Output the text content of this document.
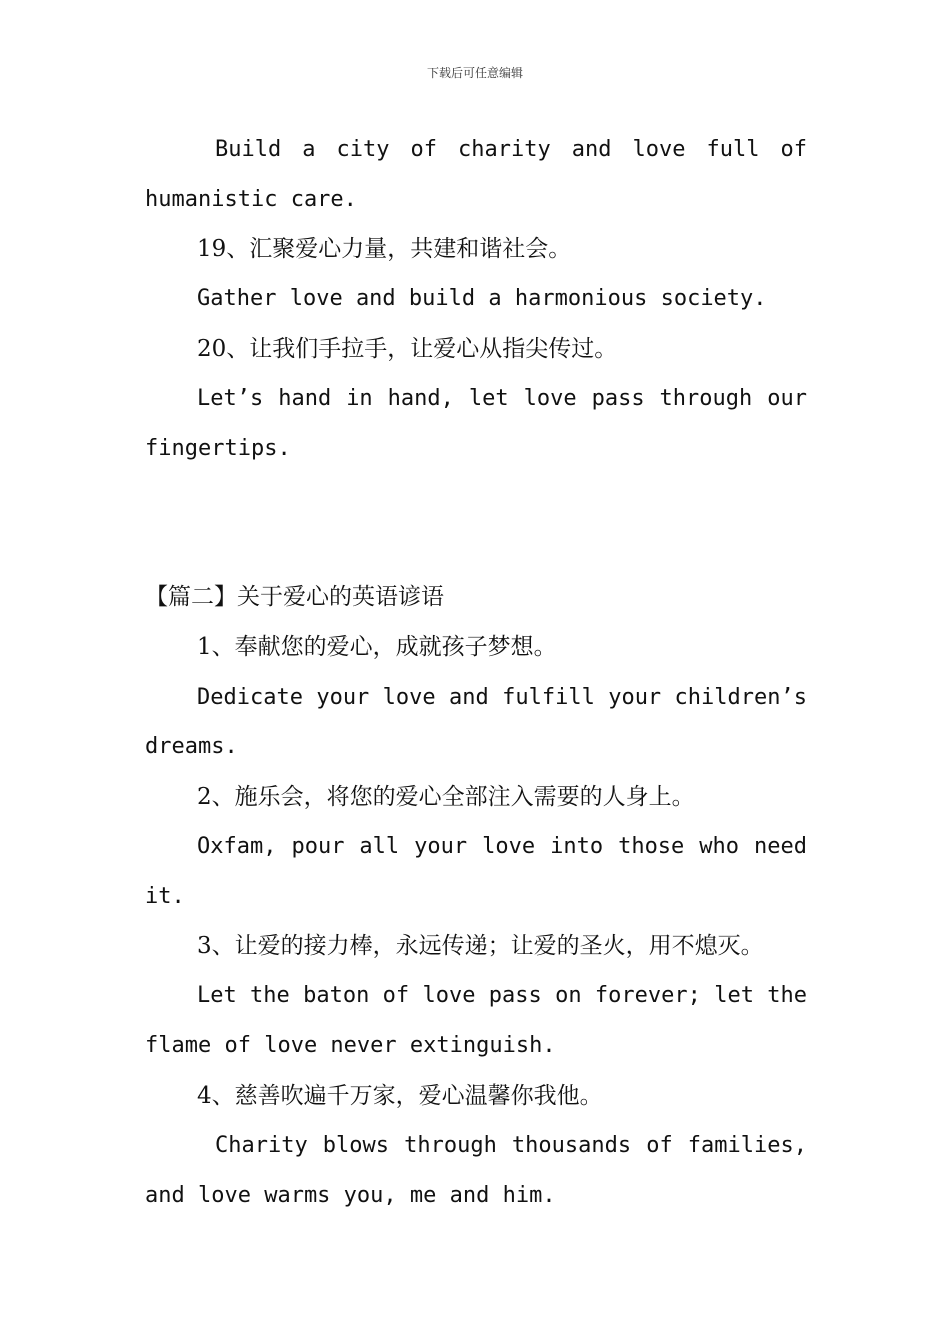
下载后可任意编辑
Build a city of charity and love full of
humanistic care.
19、汇聚爱心力量，共建和谐社会。
Gather love and build a harmonious society.
20、让我们手拉手，让爱心从指尖传过。
Let’s hand in hand, let love pass through our
fingertips.
【篇二】关于爱心的英语谚语
1、奉献您的爱心，成就孩子梦想。
Dedicate your love and fulfill your children’s
dreams.
2、施乐会，将您的爱心全部注入需要的人身上。
Oxfam, pour all your love into those who need
it.
3、让爱的接力棒，永远传递；让爱的圣火，用不熄灭。
Let the baton of love pass on forever; let the
flame of love never extinguish.
4、慈善吹遍千万家，爱心温馨你我他。
Charity blows through thousands of families,
and love warms you, me and him.
